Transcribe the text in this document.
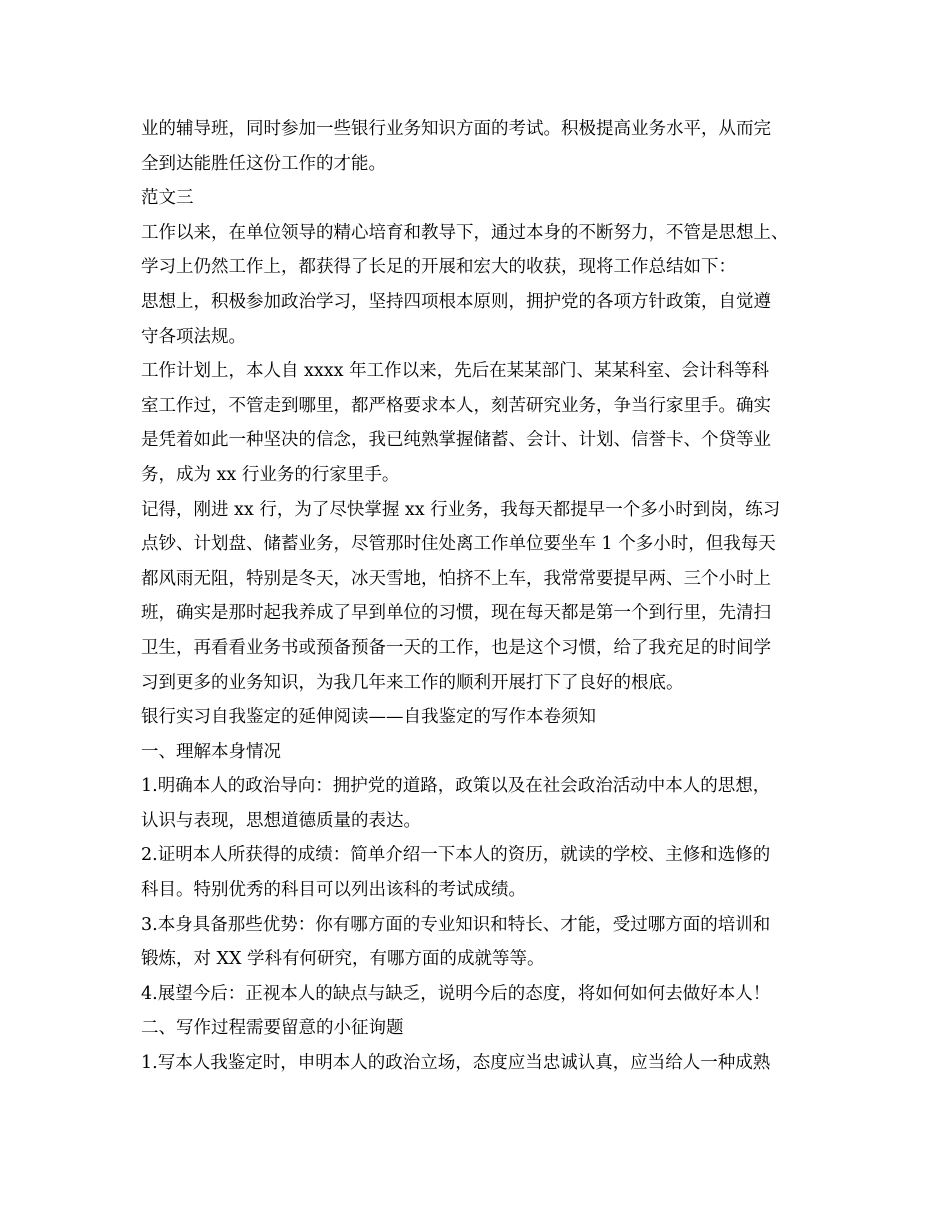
业的辅导班，同时参加一些银行业务知识方面的考试。积极提高业务水平，从而完
全到达能胜任这份工作的才能。
范文三
工作以来，在单位领导的精心培育和教导下，通过本身的不断努力，不管是思想上、
学习上仍然工作上，都获得了长足的开展和宏大的收获，现将工作总结如下：
思想上，积极参加政治学习，坚持四项根本原则，拥护党的各项方针政策，自觉遵
守各项法规。
工作计划上，本人自 xxxx 年工作以来，先后在某某部门、某某科室、会计科等科
室工作过，不管走到哪里，都严格要求本人，刻苦研究业务，争当行家里手。确实
是凭着如此一种坚决的信念，我已纯熟掌握储蓄、会计、计划、信誉卡、个贷等业
务，成为 xx 行业务的行家里手。
记得，刚进 xx 行，为了尽快掌握 xx 行业务，我每天都提早一个多小时到岗，练习
点钞、计划盘、储蓄业务，尽管那时住处离工作单位要坐车 1 个多小时，但我每天
都风雨无阻，特别是冬天，冰天雪地，怕挤不上车，我常常要提早两、三个小时上
班，确实是那时起我养成了早到单位的习惯，现在每天都是第一个到行里，先清扫
卫生，再看看业务书或预备预备一天的工作，也是这个习惯，给了我充足的时间学
习到更多的业务知识，为我几年来工作的顺利开展打下了良好的根底。
银行实习自我鉴定的延伸阅读——自我鉴定的写作本卷须知
一、理解本身情况
1.明确本人的政治导向：拥护党的道路，政策以及在社会政治活动中本人的思想，
认识与表现，思想道德质量的表达。
2.证明本人所获得的成绩：简单介绍一下本人的资历，就读的学校、主修和选修的
科目。特别优秀的科目可以列出该科的考试成绩。
3.本身具备那些优势：你有哪方面的专业知识和特长、才能，受过哪方面的培训和
锻炼，对 XX 学科有何研究，有哪方面的成就等等。
4.展望今后：正视本人的缺点与缺乏，说明今后的态度，将如何如何去做好本人！
二、写作过程需要留意的小征询题
1.写本人我鉴定时，申明本人的政治立场，态度应当忠诚认真，应当给人一种成熟
